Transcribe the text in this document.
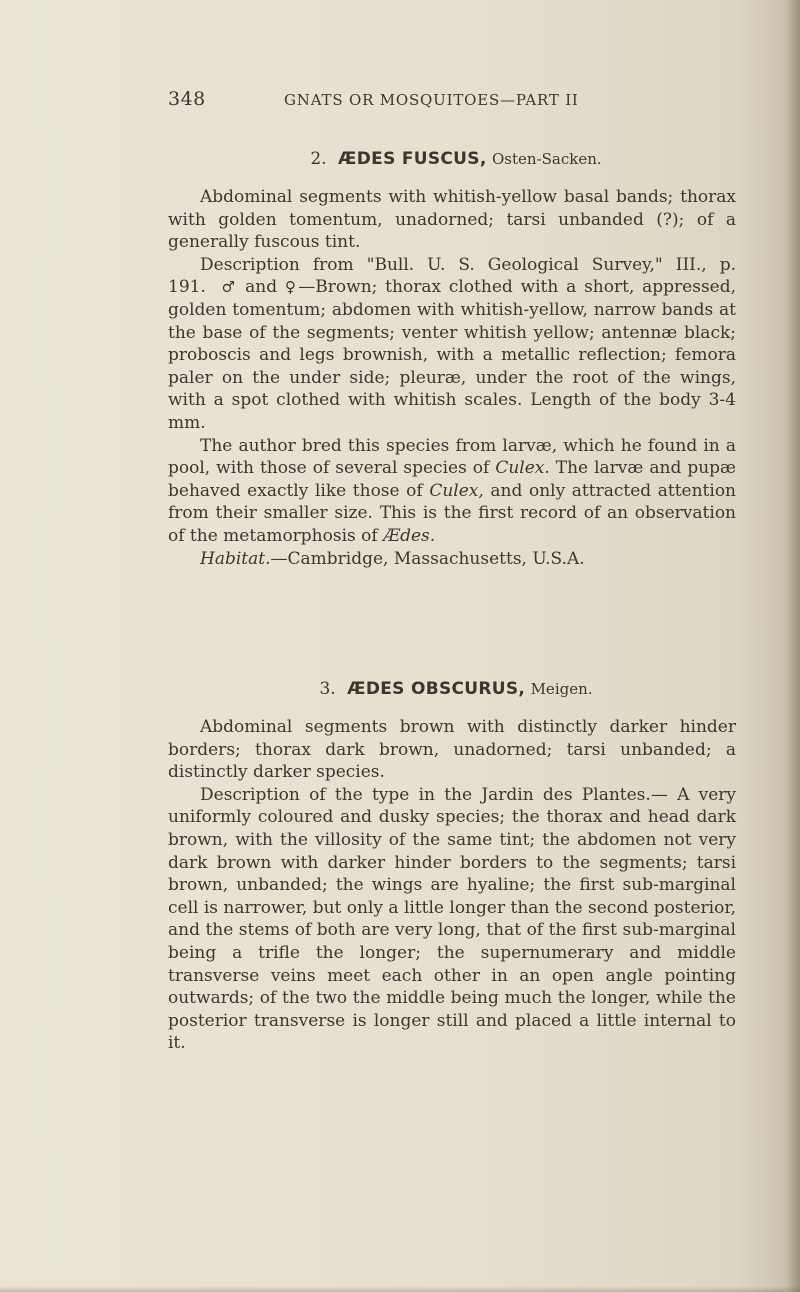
348	GNATS OR MOSQUITOES—PART II

2. ÆDES FUSCUS, Osten-Sacken.

Abdominal segments with whitish-yellow basal bands; thorax with golden tomentum, unadorned; tarsi unbanded (?); of a generally fuscous tint.

Description from "Bull. U. S. Geological Survey," III., p. 191. ♂ and ♀—Brown; thorax clothed with a short, appressed, golden tomentum; abdomen with whitish-yellow, narrow bands at the base of the segments; venter whitish yellow; antennæ black; proboscis and legs brownish, with a metallic reflection; femora paler on the under side; pleuræ, under the root of the wings, with a spot clothed with whitish scales. Length of the body 3-4 mm.

The author bred this species from larvæ, which he found in a pool, with those of several species of Culex. The larvæ and pupæ behaved exactly like those of Culex, and only attracted attention from their smaller size. This is the first record of an observation of the metamorphosis of Ædes.

Habitat.—Cambridge, Massachusetts, U.S.A.

3. ÆDES OBSCURUS, Meigen.

Abdominal segments brown with distinctly darker hinder borders; thorax dark brown, unadorned; tarsi unbanded; a distinctly darker species.

Description of the type in the Jardin des Plantes.— A very uniformly coloured and dusky species; the thorax and head dark brown, with the villosity of the same tint; the abdomen not very dark brown with darker hinder borders to the segments; tarsi brown, unbanded; the wings are hyaline; the first sub-marginal cell is narrower, but only a little longer than the second posterior, and the stems of both are very long, that of the first sub-marginal being a trifle the longer; the supernumerary and middle transverse veins meet each other in an open angle pointing outwards; of the two the middle being much the longer, while the posterior transverse is longer still and placed a little internal to it.
